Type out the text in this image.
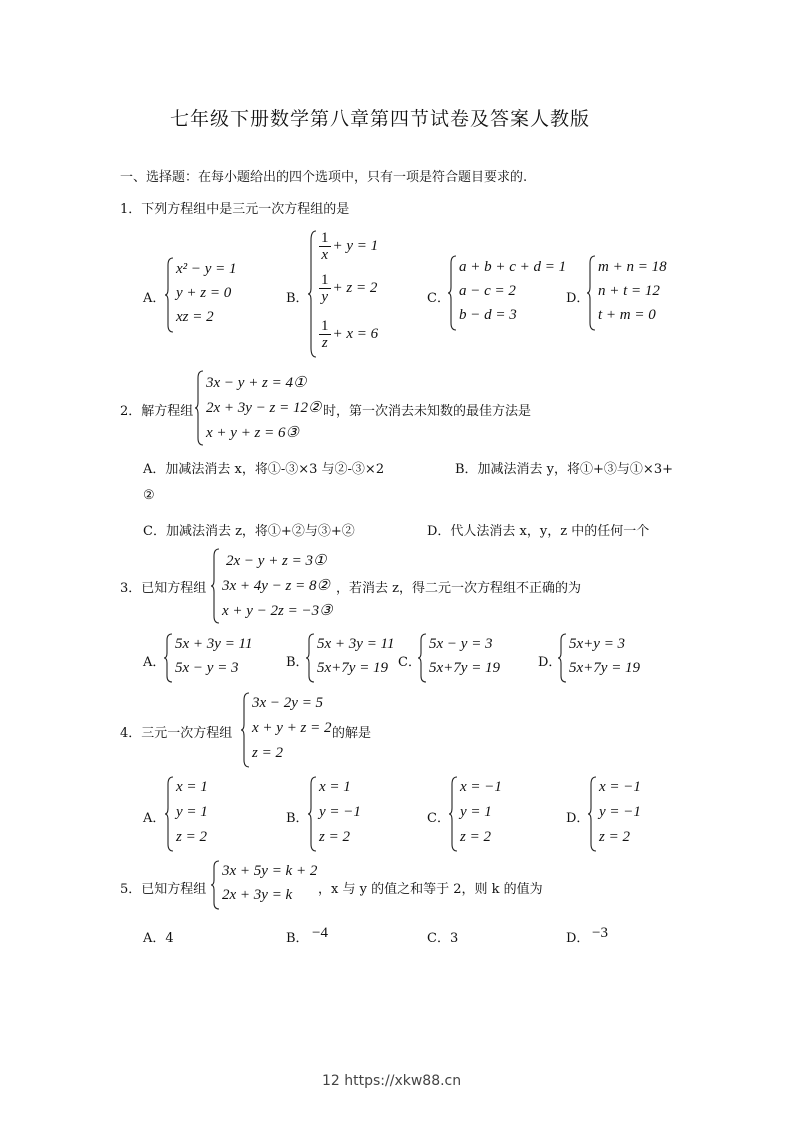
七年级下册数学第八章第四节试卷及答案人教版
一、选择题：在每小题给出的四个选项中，只有一项是符合题目要求的.
1．下列方程组中是三元一次方程组的是
A．
x² − y = 1
y + z = 0
xz = 2
B．
$\frac{1}{x} + y = 1$
$\frac{1}{y} + z = 2$
$\frac{1}{z} + x = 6$
C．
a + b + c + d = 1
a − c = 2
b − d = 3
D．
m + n = 18
n + t = 12
t + m = 0
2．解方程组
3x − y + z = 4①
2x + 3y − z = 12②
x + y + z = 6③
时，第一次消去未知数的最佳方法是
A．加减法消去 x，将①-③×3 与②-③×2	B．加减法消去 y，将①+③与①×3+
②
C．加减法消去 z，将①+②与③+②	D．代人法消去 x，y，z 中的任何一个
3．已知方程组
2x − y + z = 3①
3x + 4y − z = 8②
x + y − 2z = −3③
，若消去 z，得二元一次方程组不正确的为
A．
5x + 3y = 11
5x − y = 3	B．
5x + 3y = 11
5x+7y = 19 C．
5x − y = 3
5x+7y = 19	D．
5x+y = 3
5x+7y = 19
4．三元一次方程组
3x − 2y = 5
x + y + z = 2
z = 2
的解是
A．
x = 1
y = 1
z = 2
B．
x = 1
y = −1
z = 2
C．
x = −1
y = 1
z = 2
D．
x = −1
y = −1
z = 2
5．已知方程组
3x + 5y = k + 2
2x + 3y = k ，x 与 y 的值之和等于 2，则 k 的值为
A．4	B． −4	C．3	D． −3
12 https://xkw88.cn
